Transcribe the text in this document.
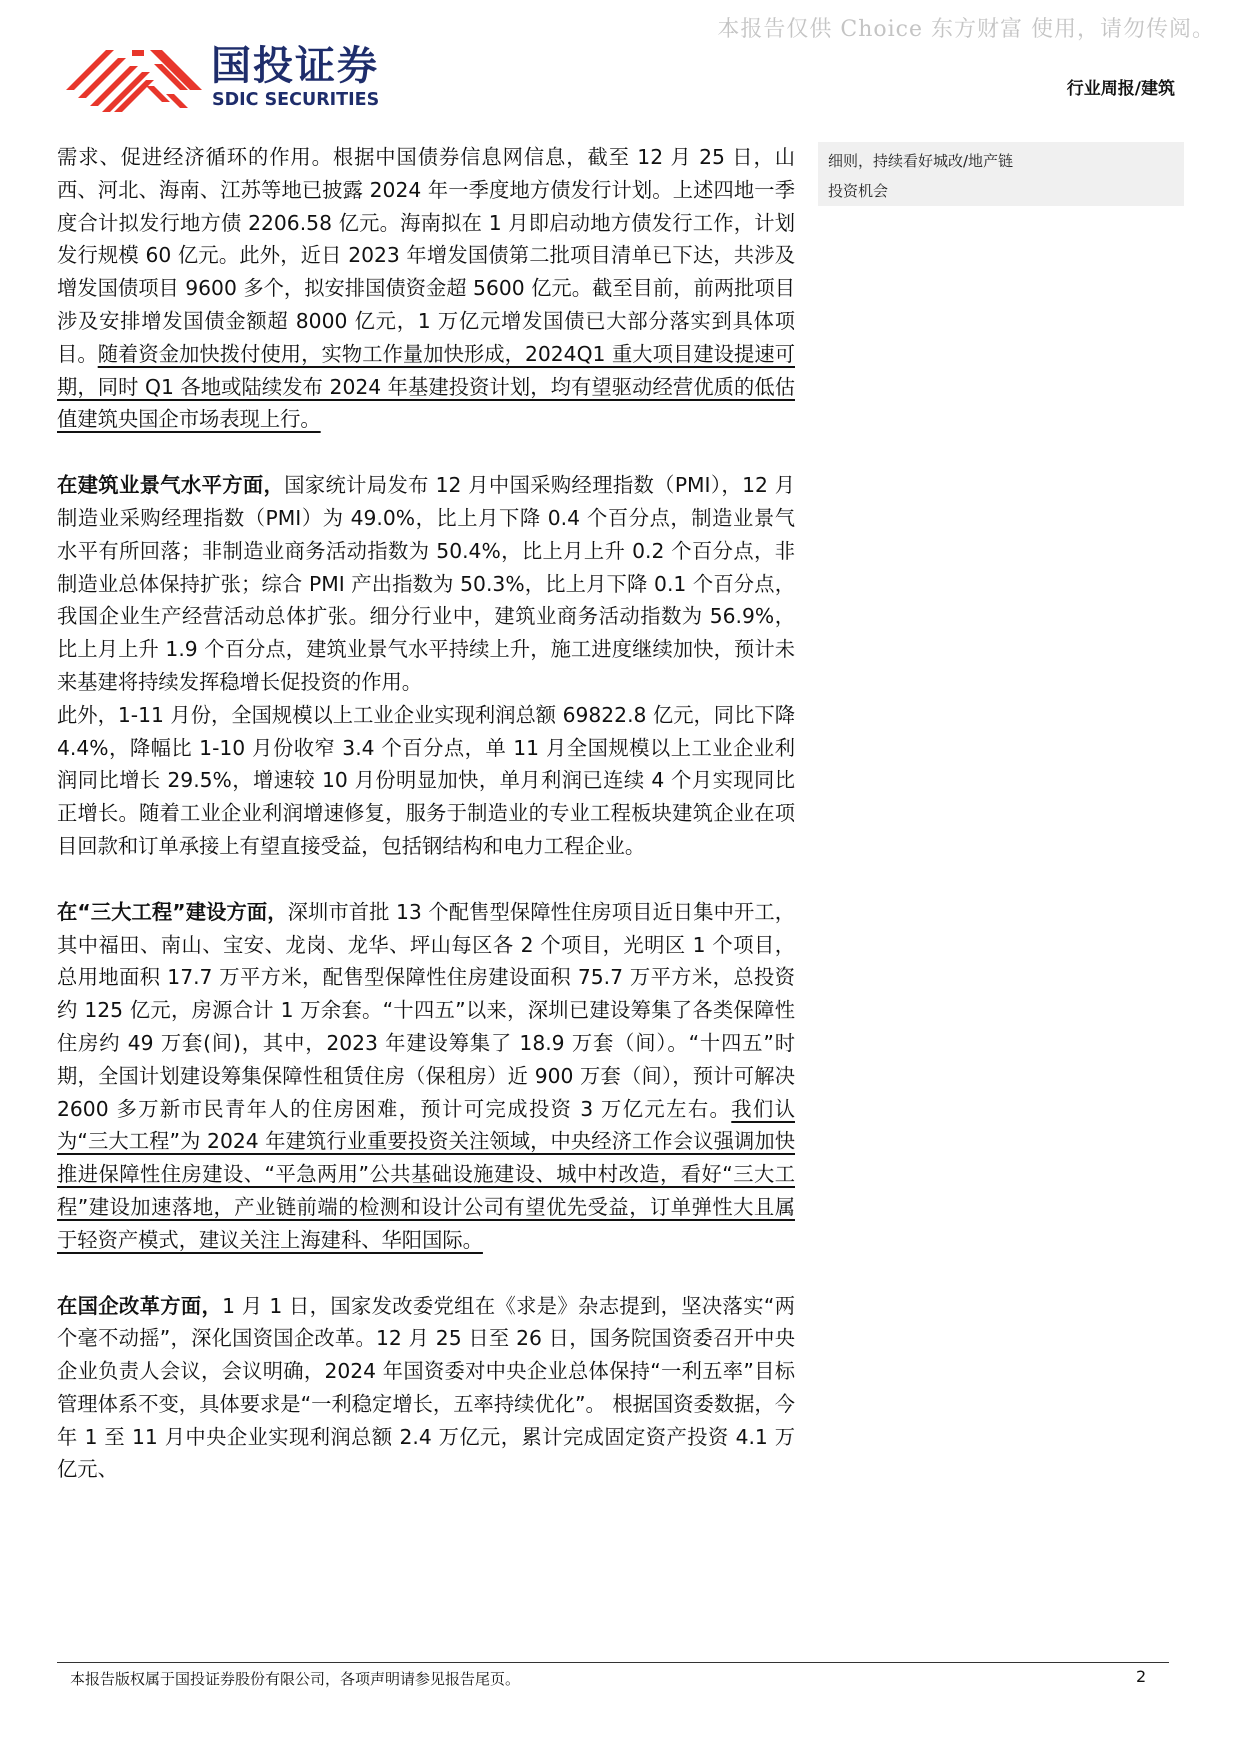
本报告仅供 Choice 东方财富 使用，请勿传阅。
国投证券
SDIC SECURITIES
行业周报/建筑
细则，持续看好城改/地产链
投资机会

需求、促进经济循环的作用。根据中国债券信息网信息，截至 12 月 25 日，山西、河北、海南、江苏等地已披露 2024 年一季度地方债发行计划。上述四地一季度合计拟发行地方债 2206.58 亿元。海南拟在 1 月即启动地方债发行工作，计划发行规模 60 亿元。此外，近日 2023 年增发国债第二批项目清单已下达，共涉及增发国债项目 9600 多个，拟安排国债资金超 5600 亿元。截至目前，前两批项目涉及安排增发国债金额超 8000 亿元，1 万亿元增发国债已大部分落实到具体项目。随着资金加快拨付使用，实物工作量加快形成，2024Q1 重大项目建设提速可期，同时 Q1 各地或陆续发布 2024 年基建投资计划，均有望驱动经营优质的低估值建筑央国企市场表现上行。

在建筑业景气水平方面，国家统计局发布 12 月中国采购经理指数（PMI），12 月制造业采购经理指数（PMI）为 49.0%，比上月下降 0.4 个百分点，制造业景气水平有所回落；非制造业商务活动指数为 50.4%，比上月上升 0.2 个百分点，非制造业总体保持扩张；综合 PMI 产出指数为 50.3%，比上月下降 0.1 个百分点，我国企业生产经营活动总体扩张。细分行业中，建筑业商务活动指数为 56.9%，比上月上升 1.9 个百分点，建筑业景气水平持续上升，施工进度继续加快，预计未来基建将持续发挥稳增长促投资的作用。

此外，1-11 月份，全国规模以上工业企业实现利润总额 69822.8 亿元，同比下降 4.4%，降幅比 1-10 月份收窄 3.4 个百分点，单 11 月全国规模以上工业企业利润同比增长 29.5%，增速较 10 月份明显加快，单月利润已连续 4 个月实现同比正增长。随着工业企业利润增速修复，服务于制造业的专业工程板块建筑企业在项目回款和订单承接上有望直接受益，包括钢结构和电力工程企业。

在“三大工程”建设方面，深圳市首批 13 个配售型保障性住房项目近日集中开工，其中福田、南山、宝安、龙岗、龙华、坪山每区各 2 个项目，光明区 1 个项目，总用地面积 17.7 万平方米，配售型保障性住房建设面积 75.7 万平方米，总投资约 125 亿元，房源合计 1 万余套。“十四五”以来，深圳已建设筹集了各类保障性住房约 49 万套(间)，其中，2023 年建设筹集了 18.9 万套（间）。“十四五”时期，全国计划建设筹集保障性租赁住房（保租房）近 900 万套（间），预计可解决 2600 多万新市民青年人的住房困难，预计可完成投资 3 万亿元左右。我们认为“三大工程”为 2024 年建筑行业重要投资关注领域，中央经济工作会议强调加快推进保障性住房建设、“平急两用”公共基础设施建设、城中村改造，看好“三大工程”建设加速落地，产业链前端的检测和设计公司有望优先受益，订单弹性大且属于轻资产模式，建议关注上海建科、华阳国际。

在国企改革方面，1 月 1 日，国家发改委党组在《求是》杂志提到，坚决落实“两个毫不动摇”，深化国资国企改革。12 月 25 日至 26 日，国务院国资委召开中央企业负责人会议，会议明确，2024 年国资委对中央企业总体保持“一利五率”目标管理体系不变，具体要求是“一利稳定增长，五率持续优化”。 根据国资委数据，今年 1 至 11 月中央企业实现利润总额 2.4 万亿元，累计完成固定资产投资 4.1 万亿元、

本报告版权属于国投证券股份有限公司，各项声明请参见报告尾页。	2
